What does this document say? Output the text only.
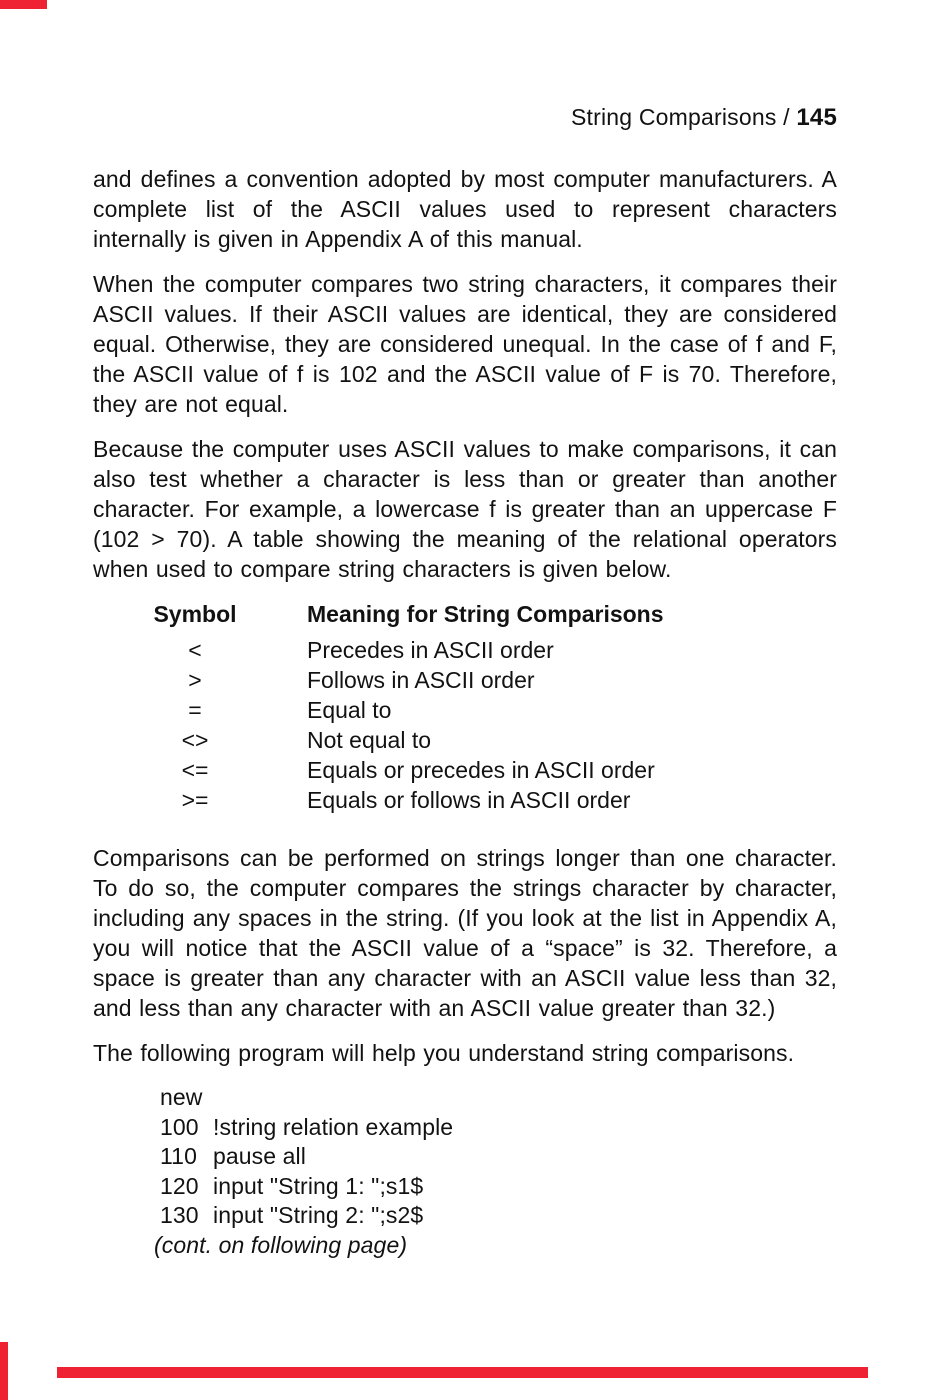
String Comparisons / 145

and defines a convention adopted by most computer manufacturers. A complete list of the ASCII values used to represent characters internally is given in Appendix A of this manual.

When the computer compares two string characters, it compares their ASCII values. If their ASCII values are identical, they are considered equal. Otherwise, they are considered unequal. In the case of f and F, the ASCII value of f is 102 and the ASCII value of F is 70. Therefore, they are not equal.

Because the computer uses ASCII values to make comparisons, it can also test whether a character is less than or greater than another character. For example, a lowercase f is greater than an uppercase F (102 > 70). A table showing the meaning of the relational operators when used to compare string characters is given below.

Symbol	Meaning for String Comparisons
<	Precedes in ASCII order
>	Follows in ASCII order
=	Equal to
<>	Not equal to
<=	Equals or precedes in ASCII order
>=	Equals or follows in ASCII order

Comparisons can be performed on strings longer than one character. To do so, the computer compares the strings character by character, including any spaces in the string. (If you look at the list in Appendix A, you will notice that the ASCII value of a “space” is 32. Therefore, a space is greater than any character with an ASCII value less than 32, and less than any character with an ASCII value greater than 32.)

The following program will help you understand string comparisons.

new
100 !string relation example
110 pause all
120 input "String 1: ";s1$
130 input "String 2: ";s2$
(cont. on following page)
